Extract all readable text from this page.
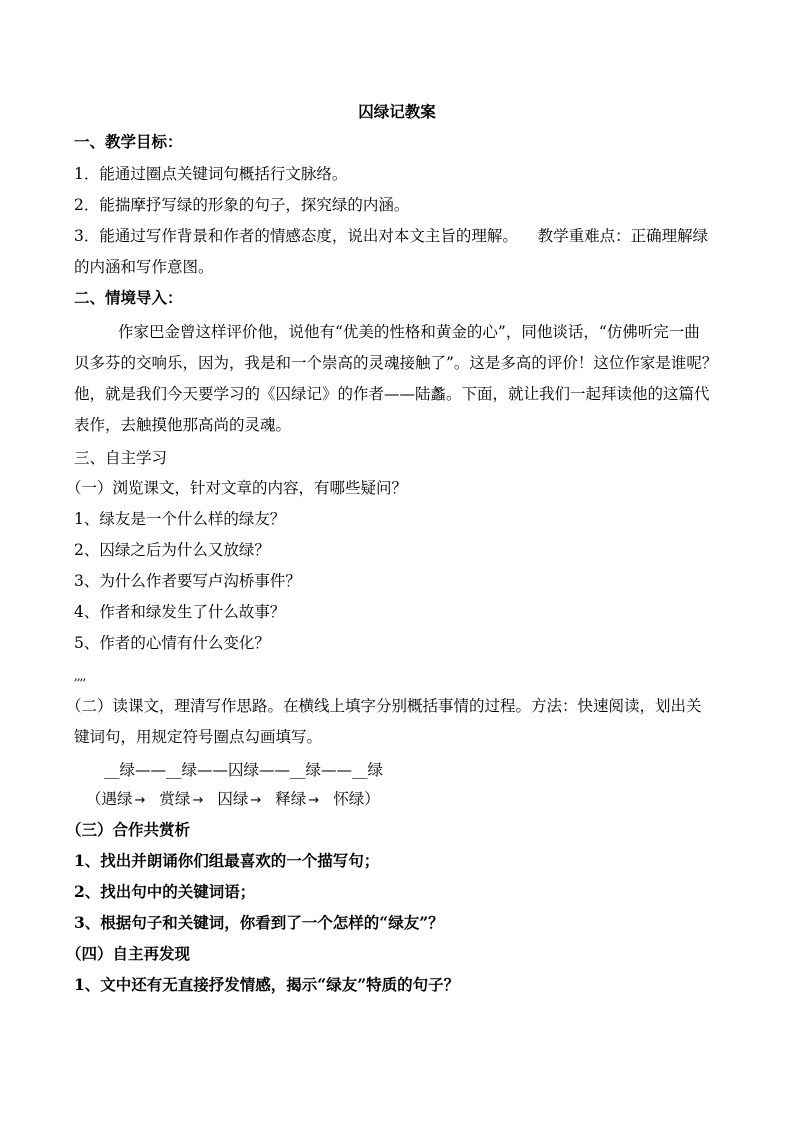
囚绿记教案
一、教学目标：
1．能通过圈点关键词句概括行文脉络。
2．能揣摩抒写绿的形象的句子，探究绿的内涵。
3．能通过写作背景和作者的情感态度，说出对本文主旨的理解。    教学重难点：正确理解绿
的内涵和写作意图。
二、情境导入：
作家巴金曾这样评价他，说他有“优美的性格和黄金的心”，同他谈话，“仿佛听完一曲
贝多芬的交响乐，因为，我是和一个崇高的灵魂接触了”。这是多高的评价！这位作家是谁呢？
他，就是我们今天要学习的《囚绿记》的作者——陆蠡。下面，就让我们一起拜读他的这篇代
表作，去触摸他那高尚的灵魂。
三、自主学习
（一）浏览课文，针对文章的内容，有哪些疑问？
1、绿友是一个什么样的绿友？
2、囚绿之后为什么又放绿？
3、为什么作者要写卢沟桥事件？
4、作者和绿发生了什么故事？
5、作者的心情有什么变化？
,,,,
（二）读课文，理清写作思路。在横线上填字分别概括事情的过程。方法：快速阅读，划出关
键词句，用规定符号圈点勾画填写。
__绿——__绿——囚绿——__绿——__绿
（遇绿 → 赏绿 → 囚绿 → 释绿 → 怀绿）
（三）合作共赏析
1、找出并朗诵你们组最喜欢的一个描写句；
2、找出句中的关键词语；
3、根据句子和关键词，你看到了一个怎样的“绿友”？
（四）自主再发现
1、文中还有无直接抒发情感，揭示“绿友”特质的句子？
